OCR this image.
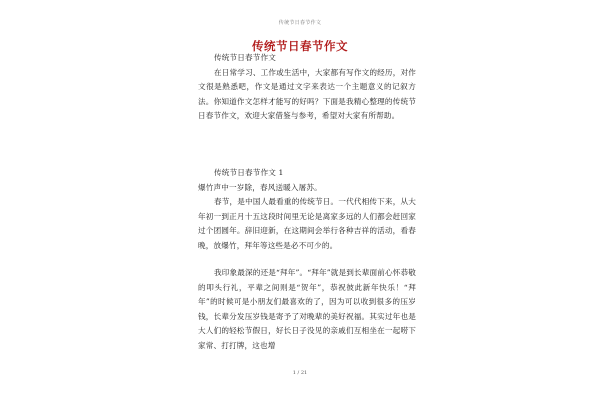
传统节日春节作文
传统节日春节作文

传统节日春节作文

在日常学习、工作或生活中，大家都有写作文的经历，对作文很是熟悉吧，作文是通过文字来表达一个主题意义的记叙方法。你知道作文怎样才能写的好吗？下面是我精心整理的传统节日春节作文，欢迎大家借鉴与参考，希望对大家有所帮助。

传统节日春节作文 1

爆竹声中一岁除，春风送暖入屠苏。

春节，是中国人最看重的传统节日。一代代相传下来，从大年初一到正月十五这段时间里无论是离家多远的人们都会赶回家过个团圆年。辞旧迎新，在这期间会举行各种吉祥的活动，看春晚，放爆竹，拜年等这些是必不可少的。

我印象最深的还是“拜年”。“拜年”就是到长辈面前心怀恭敬的叩头行礼，平辈之间则是“贺年”，恭祝彼此新年快乐！“拜年”的时候可是小朋友们最喜欢的了，因为可以收到很多的压岁钱，长辈分发压岁钱是寄予了对晚辈的美好祝福。其实过年也是大人们的轻松节假日，好长日子没见的亲戚们互相坐在一起唠下家常、打打牌，这也增

1 / 21
